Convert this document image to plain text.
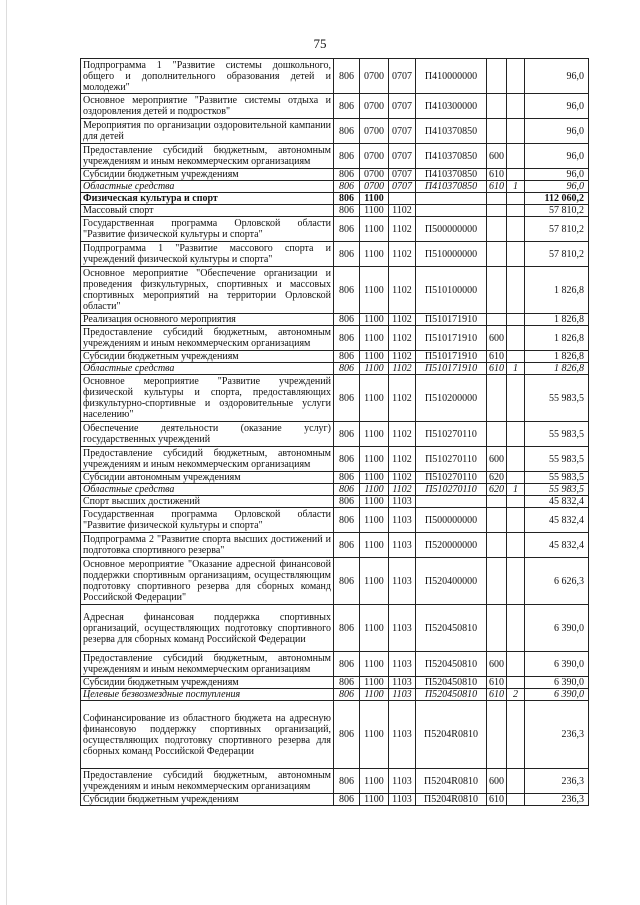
75
Подпрограмма 1 "Развитие системы дошкольного, общего и дополнительного образования детей и молодежи"	806	0700	0707	П410000000			96,0
Основное мероприятие "Развитие системы отдыха и оздоровления детей и подростков"	806	0700	0707	П410300000			96,0
Мероприятия по организации оздоровительной кампании для детей	806	0700	0707	П410370850			96,0
Предоставление субсидий бюджетным, автономным учреждениям и иным некоммерческим организациям	806	0700	0707	П410370850	600		96,0
Субсидии бюджетным учреждениям	806	0700	0707	П410370850	610		96,0
Областные средства	806	0700	0707	П410370850	610	1	96,0
Физическая культура и спорт	806	1100					112 060,2
Массовый спорт	806	1100	1102				57 810,2
Государственная программа Орловской области "Развитие физической культуры и спорта"	806	1100	1102	П500000000			57 810,2
Подпрограмма 1 "Развитие массового спорта и учреждений физической культуры и спорта"	806	1100	1102	П510000000			57 810,2
Основное мероприятие "Обеспечение организации и проведения физкультурных, спортивных и массовых спортивных мероприятий на территории Орловской области"	806	1100	1102	П510100000			1 826,8
Реализация основного мероприятия	806	1100	1102	П510171910			1 826,8
Предоставление субсидий бюджетным, автономным учреждениям и иным некоммерческим организациям	806	1100	1102	П510171910	600		1 826,8
Субсидии бюджетным учреждениям	806	1100	1102	П510171910	610		1 826,8
Областные средства	806	1100	1102	П510171910	610	1	1 826,8
Основное мероприятие "Развитие учреждений физической культуры и спорта, предоставляющих физкультурно-спортивные и оздоровительные услуги населению"	806	1100	1102	П510200000			55 983,5
Обеспечение деятельности (оказание услуг) государственных учреждений	806	1100	1102	П510270110			55 983,5
Предоставление субсидий бюджетным, автономным учреждениям и иным некоммерческим организациям	806	1100	1102	П510270110	600		55 983,5
Субсидии автономным учреждениям	806	1100	1102	П510270110	620		55 983,5
Областные средства	806	1100	1102	П510270110	620	1	55 983,5
Спорт высших достижений	806	1100	1103				45 832,4
Государственная программа Орловской области "Развитие физической культуры и спорта"	806	1100	1103	П500000000			45 832,4
Подпрограмма 2 "Развитие спорта высших достижений и подготовка спортивного резерва"	806	1100	1103	П520000000			45 832,4
Основное мероприятие "Оказание адресной финансовой поддержки спортивным организациям, осуществляющим подготовку спортивного резерва для сборных команд Российской Федерации"	806	1100	1103	П520400000			6 626,3
Адресная финансовая поддержка спортивных организаций, осуществляющих подготовку спортивного резерва для сборных команд Российской Федерации	806	1100	1103	П520450810			6 390,0
Предоставление субсидий бюджетным, автономным учреждениям и иным некоммерческим организациям	806	1100	1103	П520450810	600		6 390,0
Субсидии бюджетным учреждениям	806	1100	1103	П520450810	610		6 390,0
Целевые безвозмездные поступления	806	1100	1103	П520450810	610	2	6 390,0
Софинансирование из областного бюджета на адресную финансовую поддержку спортивных организаций, осуществляющих подготовку спортивного резерва для сборных команд Российской Федерации	806	1100	1103	П5204R0810			236,3
Предоставление субсидий бюджетным, автономным учреждениям и иным некоммерческим организациям	806	1100	1103	П5204R0810	600		236,3
Субсидии бюджетным учреждениям	806	1100	1103	П5204R0810	610		236,3
